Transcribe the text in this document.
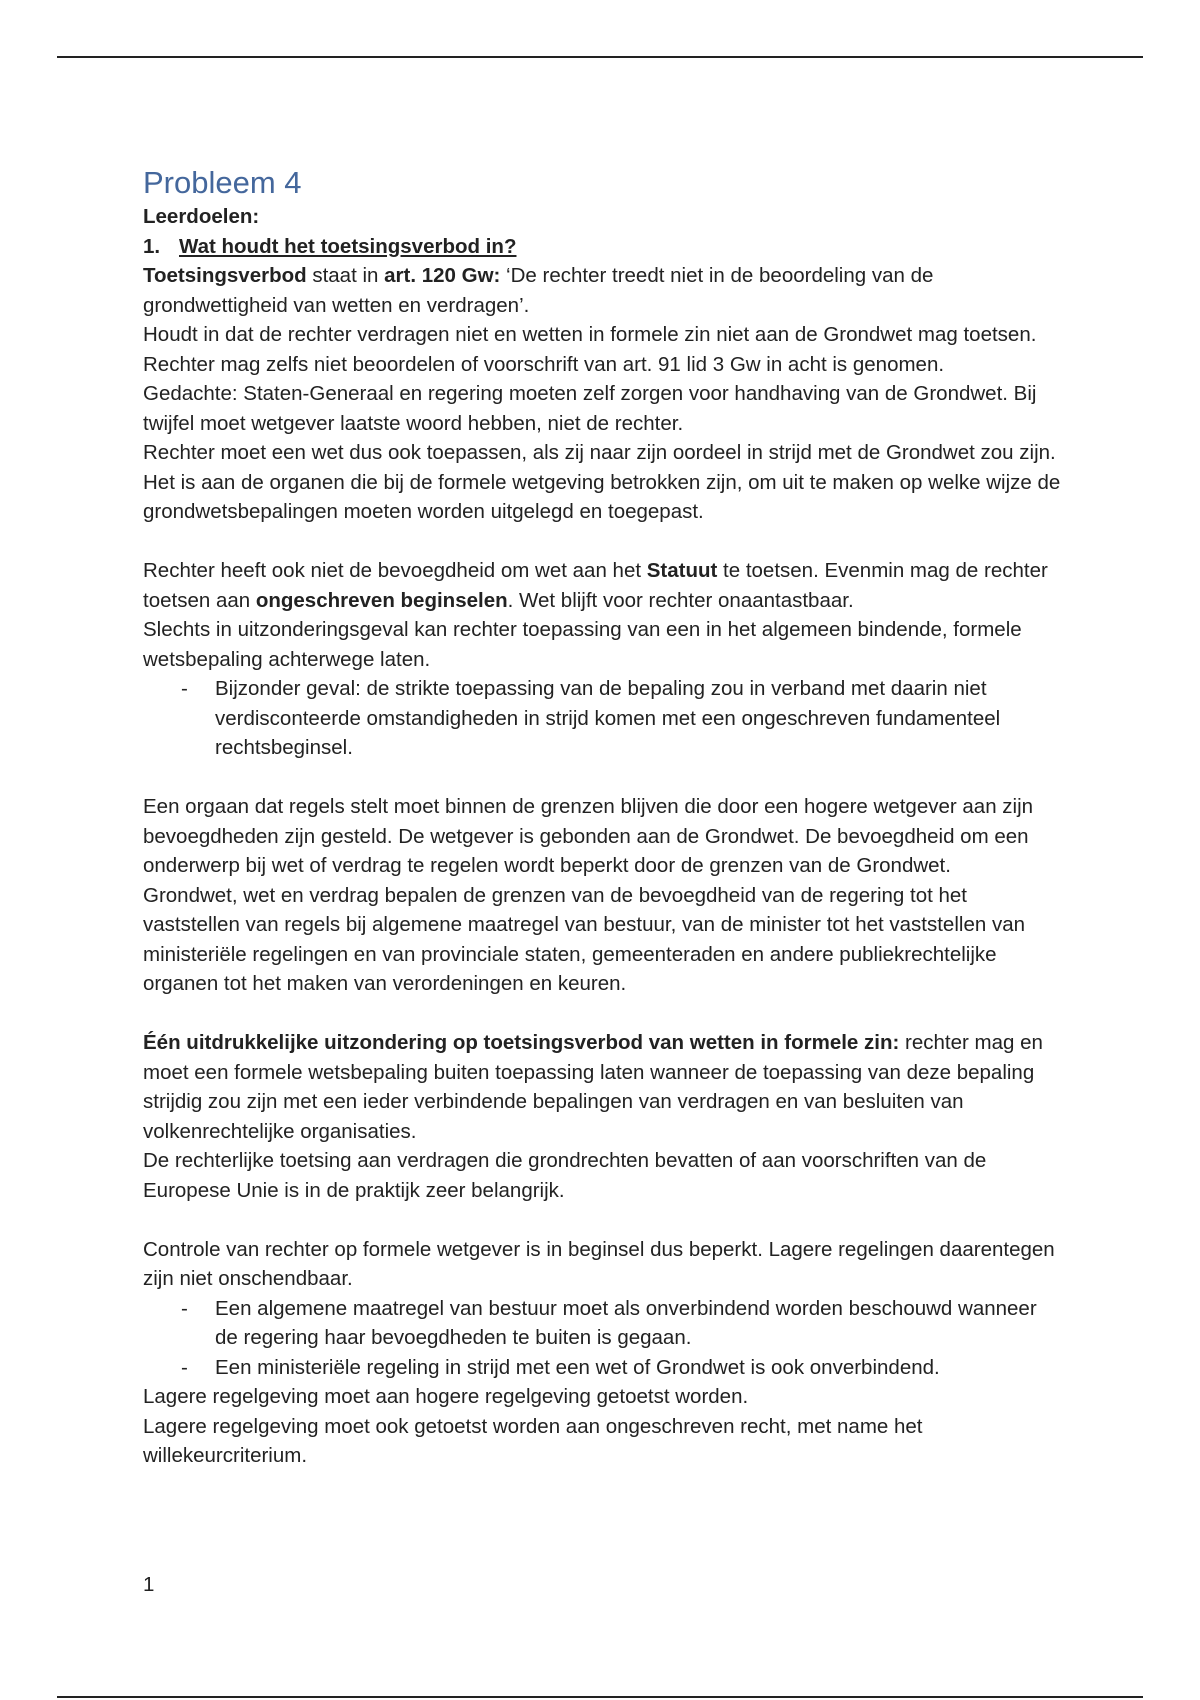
Probleem 4

Leerdoelen:

1. Wat houdt het toetsingsverbod in?

Toetsingsverbod staat in art. 120 Gw: ‘De rechter treedt niet in de beoordeling van de grondwettigheid van wetten en verdragen’.

Houdt in dat de rechter verdragen niet en wetten in formele zin niet aan de Grondwet mag toetsen. Rechter mag zelfs niet beoordelen of voorschrift van art. 91 lid 3 Gw in acht is genomen.

Gedachte: Staten-Generaal en regering moeten zelf zorgen voor handhaving van de Grondwet. Bij twijfel moet wetgever laatste woord hebben, niet de rechter.

Rechter moet een wet dus ook toepassen, als zij naar zijn oordeel in strijd met de Grondwet zou zijn. Het is aan de organen die bij de formele wetgeving betrokken zijn, om uit te maken op welke wijze de grondwetsbepalingen moeten worden uitgelegd en toegepast.

Rechter heeft ook niet de bevoegdheid om wet aan het Statuut te toetsen. Evenmin mag de rechter toetsen aan ongeschreven beginselen. Wet blijft voor rechter onaantastbaar.

Slechts in uitzonderingsgeval kan rechter toepassing van een in het algemeen bindende, formele wetsbepaling achterwege laten.

- Bijzonder geval: de strikte toepassing van de bepaling zou in verband met daarin niet verdisconteerde omstandigheden in strijd komen met een ongeschreven fundamenteel rechtsbeginsel.

Een orgaan dat regels stelt moet binnen de grenzen blijven die door een hogere wetgever aan zijn bevoegdheden zijn gesteld. De wetgever is gebonden aan de Grondwet. De bevoegdheid om een onderwerp bij wet of verdrag te regelen wordt beperkt door de grenzen van de Grondwet.

Grondwet, wet en verdrag bepalen de grenzen van de bevoegdheid van de regering tot het vaststellen van regels bij algemene maatregel van bestuur, van de minister tot het vaststellen van ministeriële regelingen en van provinciale staten, gemeenteraden en andere publiekrechtelijke organen tot het maken van verordeningen en keuren.

Één uitdrukkelijke uitzondering op toetsingsverbod van wetten in formele zin: rechter mag en moet een formele wetsbepaling buiten toepassing laten wanneer de toepassing van deze bepaling strijdig zou zijn met een ieder verbindende bepalingen van verdragen en van besluiten van volkenrechtelijke organisaties.

De rechterlijke toetsing aan verdragen die grondrechten bevatten of aan voorschriften van de Europese Unie is in de praktijk zeer belangrijk.

Controle van rechter op formele wetgever is in beginsel dus beperkt. Lagere regelingen daarentegen zijn niet onschendbaar.

- Een algemene maatregel van bestuur moet als onverbindend worden beschouwd wanneer de regering haar bevoegdheden te buiten is gegaan.

- Een ministeriële regeling in strijd met een wet of Grondwet is ook onverbindend.

Lagere regelgeving moet aan hogere regelgeving getoetst worden.

Lagere regelgeving moet ook getoetst worden aan ongeschreven recht, met name het willekeurcriterium.

1
